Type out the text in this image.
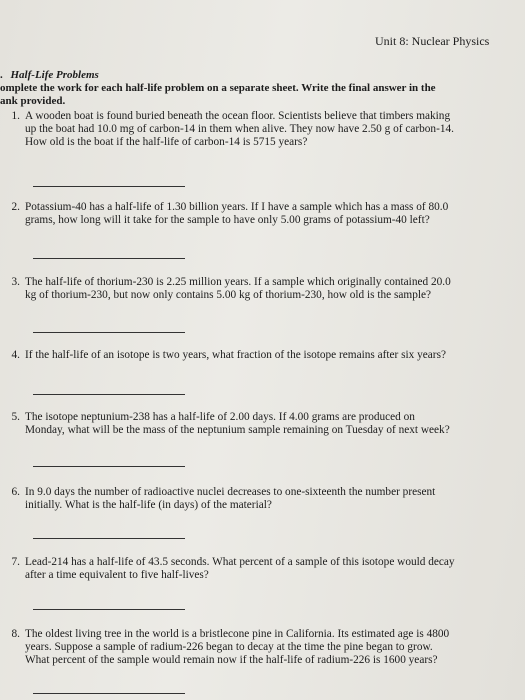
Unit 8: Nuclear Physics
. Half-Life Problems
omplete the work for each half-life problem on a separate sheet. Write the final answer in the
ank provided.
1. A wooden boat is found buried beneath the ocean floor. Scientists believe that timbers making
up the boat had 10.0 mg of carbon-14 in them when alive. They now have 2.50 g of carbon-14.
How old is the boat if the half-life of carbon-14 is 5715 years?
2. Potassium-40 has a half-life of 1.30 billion years. If I have a sample which has a mass of 80.0
grams, how long will it take for the sample to have only 5.00 grams of potassium-40 left?
3. The half-life of thorium-230 is 2.25 million years. If a sample which originally contained 20.0
kg of thorium-230, but now only contains 5.00 kg of thorium-230, how old is the sample?
4. If the half-life of an isotope is two years, what fraction of the isotope remains after six years?
5. The isotope neptunium-238 has a half-life of 2.00 days. If 4.00 grams are produced on
Monday, what will be the mass of the neptunium sample remaining on Tuesday of next week?
6. In 9.0 days the number of radioactive nuclei decreases to one-sixteenth the number present
initially. What is the half-life (in days) of the material?
7. Lead-214 has a half-life of 43.5 seconds. What percent of a sample of this isotope would decay
after a time equivalent to five half-lives?
8. The oldest living tree in the world is a bristlecone pine in California. Its estimated age is 4800
years. Suppose a sample of radium-226 began to decay at the time the pine began to grow.
What percent of the sample would remain now if the half-life of radium-226 is 1600 years?
